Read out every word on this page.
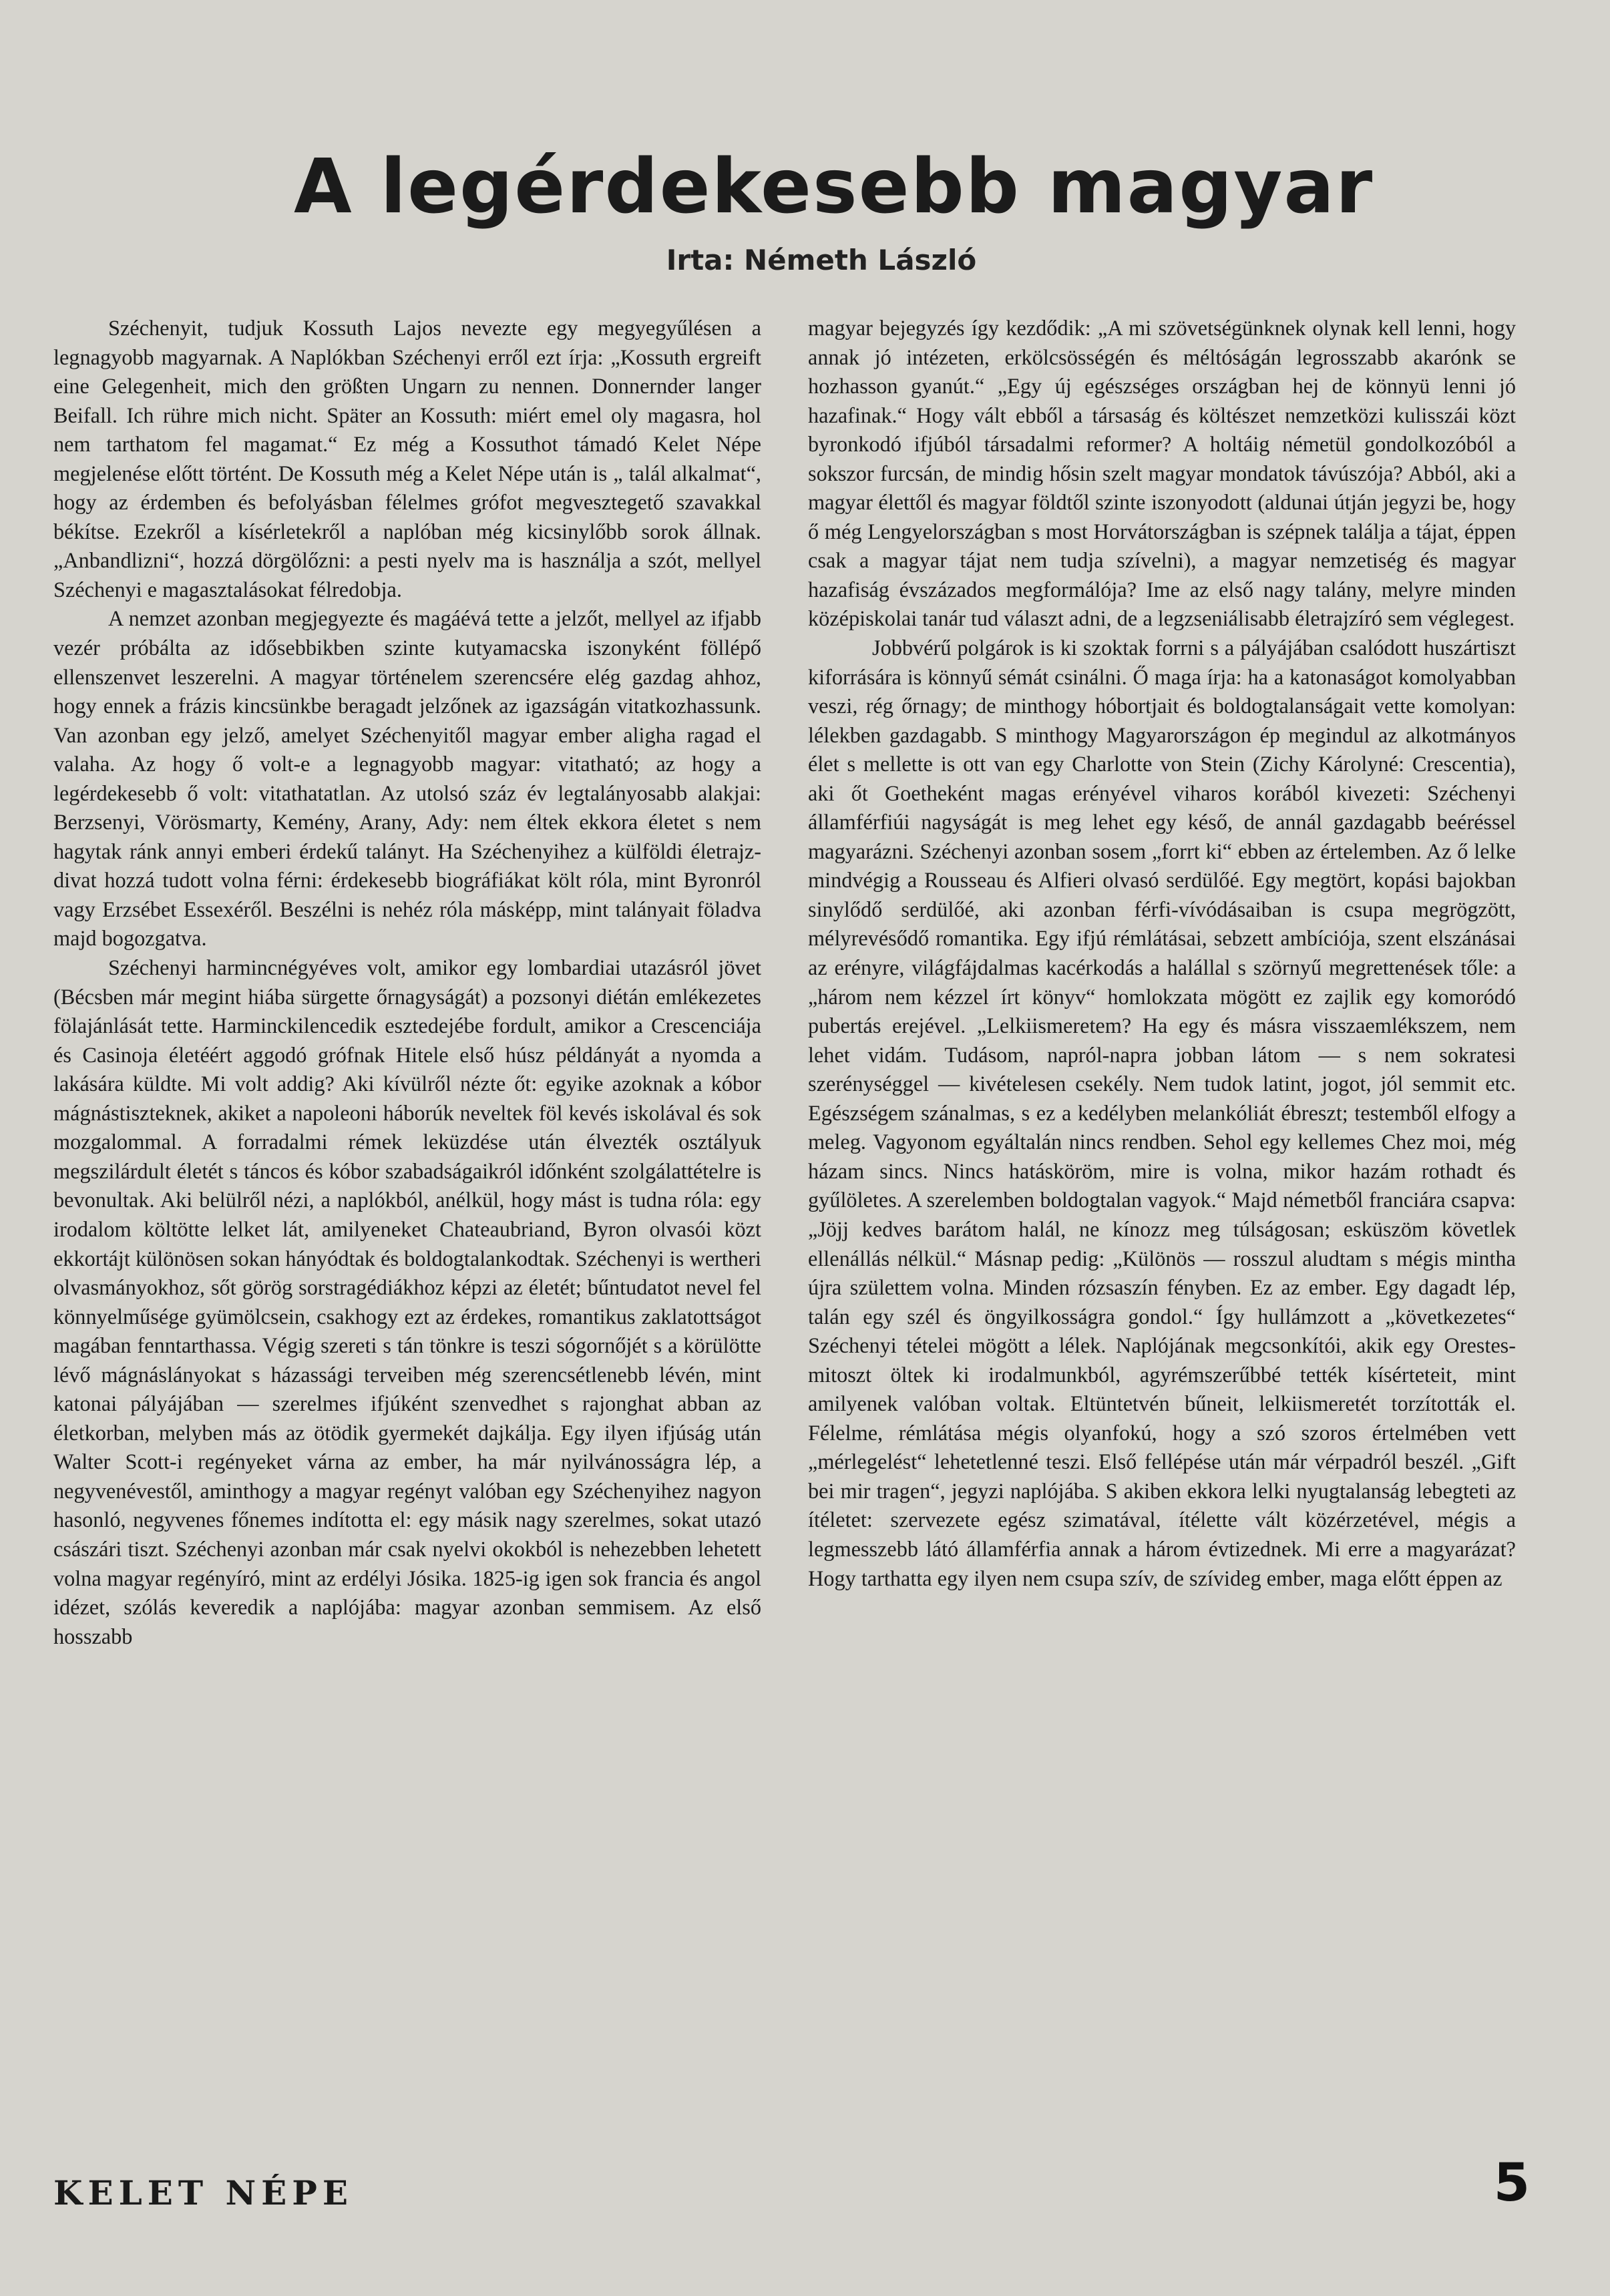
A legérdekesebb magyar
Irta: Németh László

Széchenyit, tudjuk Kossuth Lajos nevezte egy megyegyűlésen a legnagyobb magyarnak. A Naplókban Széchenyi erről ezt írja: „Kossuth ergreift eine Gelegenheit, mich den größten Ungarn zu nennen. Donnernder langer Beifall. Ich rühre mich nicht. Später an Kossuth: miért emel oly magasra, hol nem tarthatom fel magamat.“ Ez még a Kossuthot támadó Kelet Népe megjelenése előtt történt. De Kossuth még a Kelet Népe után is „ talál alkalmat“, hogy az érdemben és befolyásban félelmes grófot megvesztegető szavakkal békítse. Ezekről a kísérletekről a naplóban még kicsinylőbb sorok állnak. „Anbandlizni“, hozzá dörgölőzni: a pesti nyelv ma is használja a szót, mellyel Széchenyi e magasztalásokat félredobja.

A nemzet azonban megjegyezte és magáévá tette a jelzőt, mellyel az ifjabb vezér próbálta az idősebbikben szinte kutyamacska iszonyként föllépő ellenszenvet leszerelni. A magyar történelem szerencsére elég gazdag ahhoz, hogy ennek a frázis kincsünkbe beragadt jelzőnek az igazságán vitatkozhassunk. Van azonban egy jelző, amelyet Széchenyitől magyar ember aligha ragad el valaha. Az hogy ő volt-e a legnagyobb magyar: vitatható; az hogy a legérdekesebb ő volt: vitathatatlan. Az utolsó száz év legtalányosabb alakjai: Berzsenyi, Vörösmarty, Kemény, Arany, Ady: nem éltek ekkora életet s nem hagytak ránk annyi emberi érdekű talányt. Ha Széchenyihez a külföldi életrajz-divat hozzá tudott volna férni: érdekesebb biográfiákat költ róla, mint Byronról vagy Erzsébet Essexéről. Beszélni is nehéz róla másképp, mint talányait föladva majd bogozgatva.

Széchenyi harmincnégyéves volt, amikor egy lombardiai utazásról jövet (Bécsben már megint hiába sürgette őrnagyságát) a pozsonyi diétán emlékezetes fölajánlását tette. Harminckilencedik esztedejébe fordult, amikor a Crescenciája és Casinoja életéért aggodó grófnak Hitele első húsz példányát a nyomda a lakására küldte. Mi volt addig? Aki kívülről nézte őt: egyike azoknak a kóbor mágnástiszteknek, akiket a napoleoni háborúk neveltek föl kevés iskolával és sok mozgalommal. A forradalmi rémek leküzdése után élvezték osztályuk megszilárdult életét s táncos és kóbor szabadságaikról időnként szolgálattételre is bevonultak. Aki belülről nézi, a naplókból, anélkül, hogy mást is tudna róla: egy irodalom költötte lelket lát, amilyeneket Chateaubriand, Byron olvasói közt ekkortájt különösen sokan hányódtak és boldogtalankodtak. Széchenyi is wertheri olvasmányokhoz, sőt görög sorstragédiákhoz képzi az életét; bűntudatot nevel fel könnyelműsége gyümölcsein, csakhogy ezt az érdekes, romantikus zaklatottságot magában fenntarthassa. Végig szereti s tán tönkre is teszi sógornőjét s a körülötte lévő mágnáslányokat s házassági terveiben még szerencsétlenebb lévén, mint katonai pályájában — szerelmes ifjúként szenvedhet s rajonghat abban az életkorban, melyben más az ötödik gyermekét dajkálja. Egy ilyen ifjúság után Walter Scott-i regényeket várna az ember, ha már nyilvánosságra lép, a negyvenévestől, aminthogy a magyar regényt valóban egy Széchenyihez nagyon hasonló, negyvenes főnemes indította el: egy másik nagy szerelmes, sokat utazó császári tiszt. Széchenyi azonban már csak nyelvi okokból is nehezebben lehetett volna magyar regényíró, mint az erdélyi Jósika. 1825-ig igen sok francia és angol idézet, szólás keveredik a naplójába: magyar azonban semmisem. Az első hosszabb

magyar bejegyzés így kezdődik: „A mi szövetségünknek olynak kell lenni, hogy annak jó intézeten, erkölcsösségén és méltóságán legrosszabb akarónk se hozhasson gyanút.“ „Egy új egészséges országban hej de könnyü lenni jó hazafinak.“ Hogy vált ebből a társaság és költészet nemzetközi kulisszái közt byronkodó ifjúból társadalmi reformer? A holtáig németül gondolkozóból a sokszor furcsán, de mindig hősin szelt magyar mondatok távúszója? Abból, aki a magyar élettől és magyar földtől szinte iszonyodott (aldunai útján jegyzi be, hogy ő még Lengyelországban s most Horvátországban is szépnek találja a tájat, éppen csak a magyar tájat nem tudja szívelni), a magyar nemzetiség és magyar hazafiság évszázados megformálója? Ime az első nagy talány, melyre minden középiskolai tanár tud választ adni, de a legzseniálisabb életrajzíró sem véglegest.

Jobbvérű polgárok is ki szoktak forrni s a pályájában csalódott huszártiszt kiforrására is könnyű sémát csinálni. Ő maga írja: ha a katonaságot komolyabban veszi, rég őrnagy; de minthogy hóbortjait és boldogtalanságait vette komolyan: lélekben gazdagabb. S minthogy Magyarországon ép megindul az alkotmányos élet s mellette is ott van egy Charlotte von Stein (Zichy Károlyné: Crescentia), aki őt Goetheként magas erényével viharos korából kivezeti: Széchenyi államférfiúi nagyságát is meg lehet egy késő, de annál gazdagabb beéréssel magyarázni. Széchenyi azonban sosem „forrt ki“ ebben az értelemben. Az ő lelke mindvégig a Rousseau és Alfieri olvasó serdülőé. Egy megtört, kopási bajokban sinylődő serdülőé, aki azonban férfi-vívódásaiban is csupa megrögzött, mélyrevésődő romantika. Egy ifjú rémlátásai, sebzett ambíciója, szent elszánásai az erényre, világfájdalmas kacérkodás a halállal s szörnyű megrettenések tőle: a „három nem kézzel írt könyv“ homlokzata mögött ez zajlik egy komoródó pubertás erejével. „Lelkiismeretem? Ha egy és másra visszaemlékszem, nem lehet vidám. Tudásom, napról-napra jobban látom — s nem sokratesi szerénységgel — kivételesen csekély. Nem tudok latint, jogot, jól semmit etc. Egészségem szánalmas, s ez a kedélyben melankóliát ébreszt; testemből elfogy a meleg. Vagyonom egyáltalán nincs rendben. Sehol egy kellemes Chez moi, még házam sincs. Nincs hatásköröm, mire is volna, mikor hazám rothadt és gyűlöletes. A szerelemben boldogtalan vagyok.“ Majd németből franciára csapva: „Jöjj kedves barátom halál, ne kínozz meg túlságosan; esküszöm követlek ellenállás nélkül.“ Másnap pedig: „Különös — rosszul aludtam s mégis mintha újra születtem volna. Minden rózsaszín fényben. Ez az ember. Egy dagadt lép, talán egy szél és öngyilkosságra gondol.“ Így hullámzott a „következetes“ Széchenyi tételei mögött a lélek. Naplójának megcsonkítói, akik egy Orestes-mitoszt öltek ki irodalmunkból, agyrémszerűbbé tették kísérteteit, mint amilyenek valóban voltak. Eltüntetvén bűneit, lelkiismeretét torzították el. Félelme, rémlátása mégis olyanfokú, hogy a szó szoros értelmében vett „mérlegelést“ lehetetlenné teszi. Első fellépése után már vérpadról beszél. „Gift bei mir tragen“, jegyzi naplójába. S akiben ekkora lelki nyugtalanság lebegteti az ítéletet: szervezete egész szimatával, ítélette vált közérzetével, mégis a legmesszebb látó államférfia annak a három évtizednek. Mi erre a magyarázat? Hogy tarthatta egy ilyen nem csupa szív, de szívideg ember, maga előtt éppen az

KELET NÉPE	5
